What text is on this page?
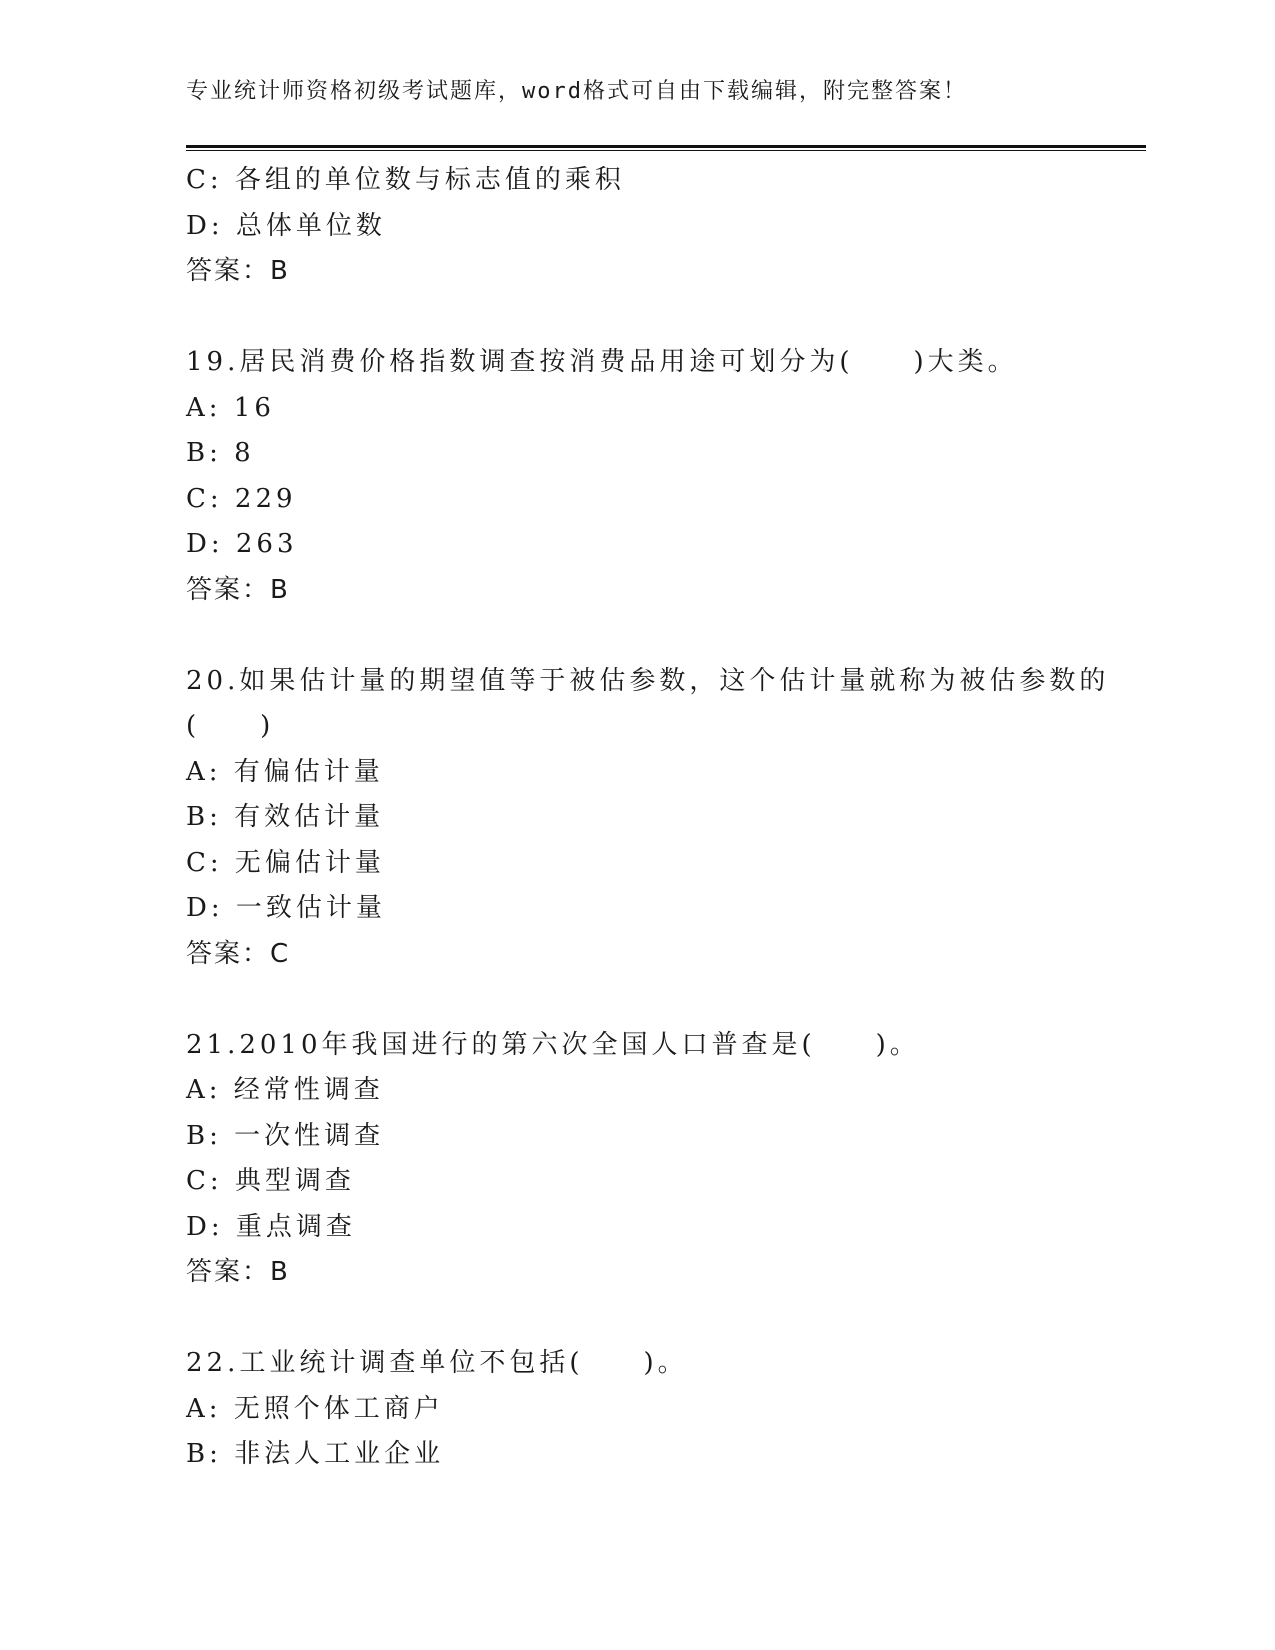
专业统计师资格初级考试题库，word格式可自由下载编辑，附完整答案！
C: 各组的单位数与标志值的乘积
D: 总体单位数
答案：B
19.居民消费价格指数调查按消费品用途可划分为(　　)大类。
A: 16
B: 8
C: 229
D: 263
答案：B
20.如果估计量的期望值等于被估参数，这个估计量就称为被估参数的
(　　)
A: 有偏估计量
B: 有效估计量
C: 无偏估计量
D: 一致估计量
答案：C
21.2010年我国进行的第六次全国人口普查是(　　)。
A: 经常性调查
B: 一次性调查
C: 典型调查
D: 重点调查
答案：B
22.工业统计调查单位不包括(　　)。
A: 无照个体工商户
B: 非法人工业企业
